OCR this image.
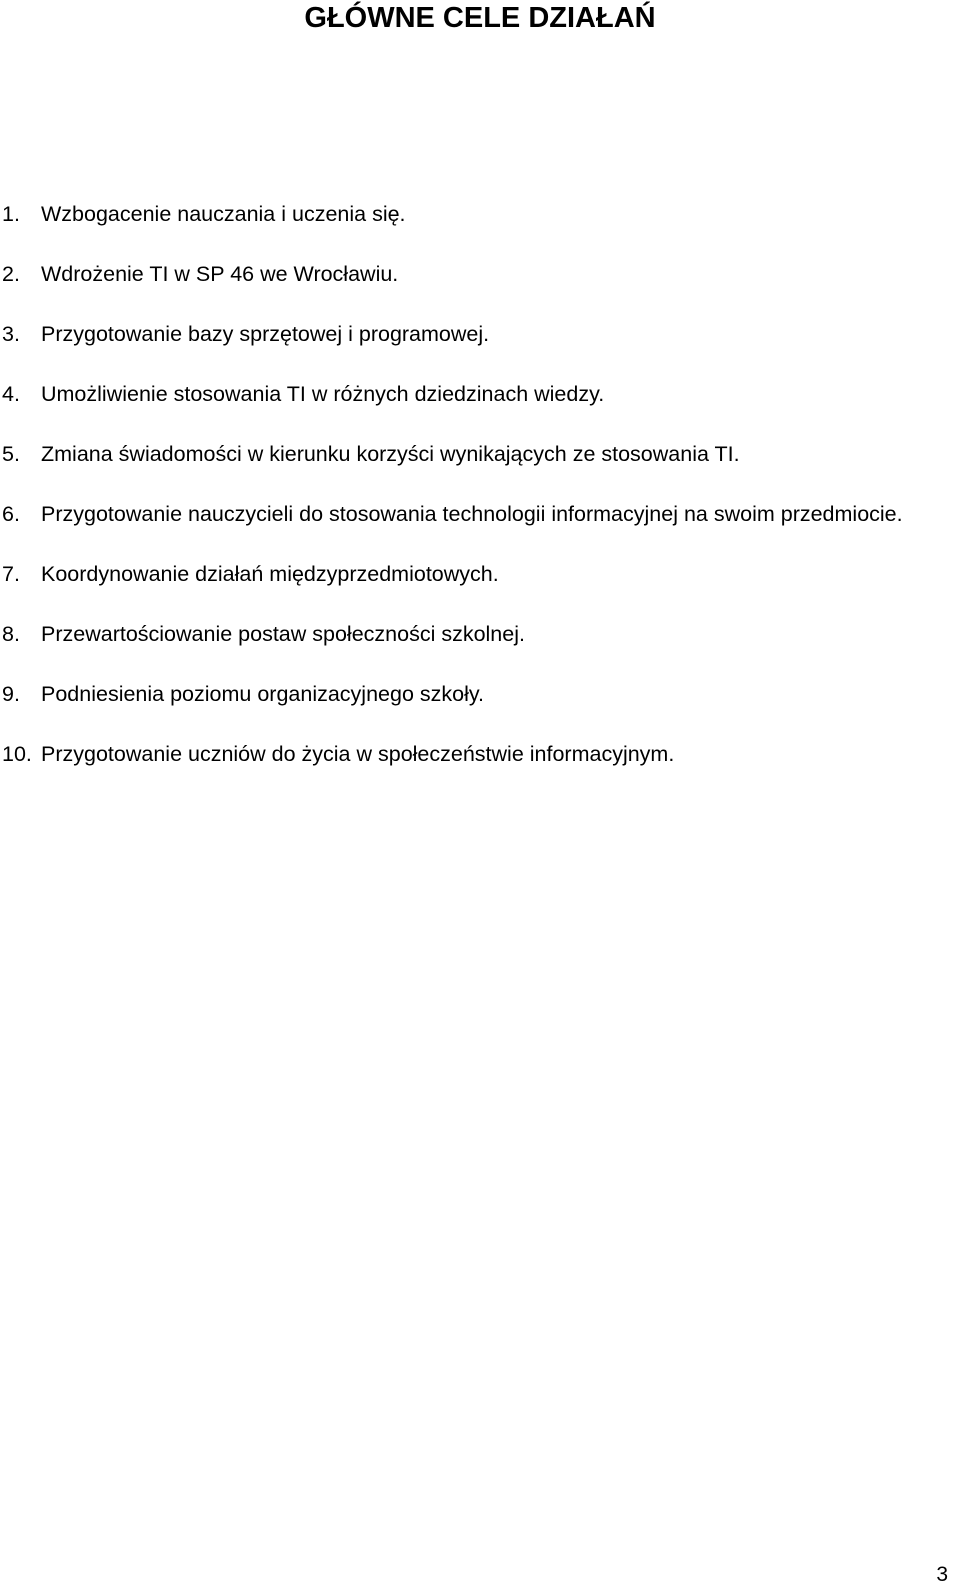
GŁÓWNE CELE DZIAŁAŃ
1. Wzbogacenie nauczania i uczenia się.
2. Wdrożenie TI w SP 46 we Wrocławiu.
3. Przygotowanie bazy sprzętowej i programowej.
4. Umożliwienie stosowania TI w różnych dziedzinach wiedzy.
5. Zmiana świadomości w kierunku korzyści wynikających ze stosowania TI.
6. Przygotowanie nauczycieli do stosowania technologii informacyjnej na swoim przedmiocie.
7. Koordynowanie działań międzyprzedmiotowych.
8. Przewartościowanie postaw społeczności szkolnej.
9. Podniesienia poziomu organizacyjnego szkoły.
10. Przygotowanie uczniów do życia w społeczeństwie informacyjnym.
3
